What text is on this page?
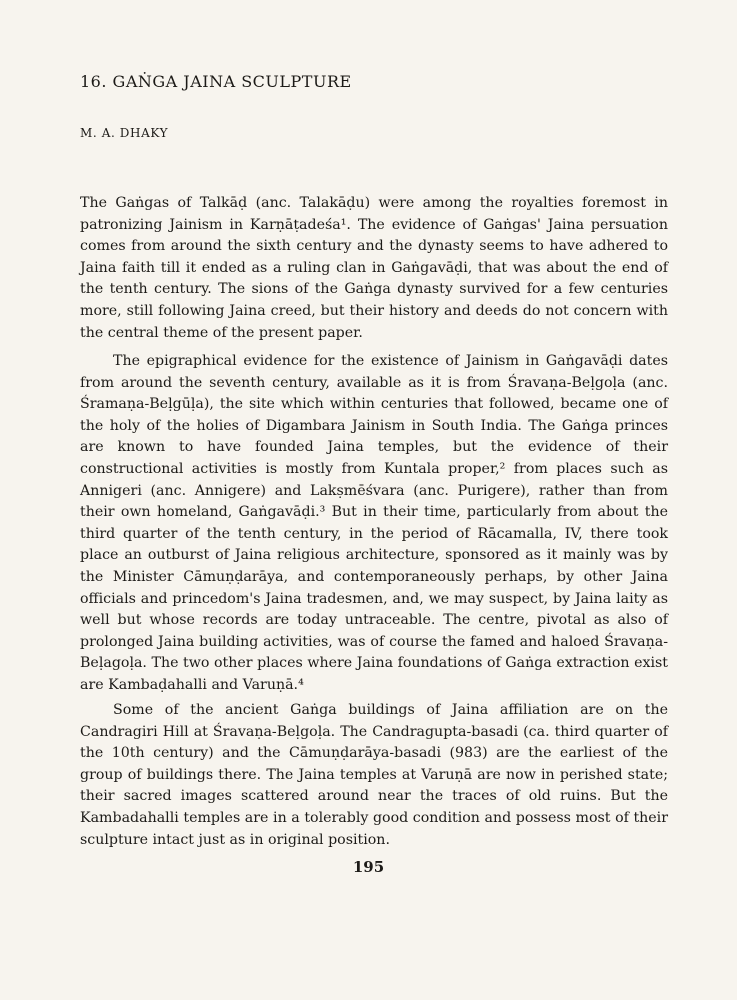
16. GAṄGA JAINA SCULPTURE

M. A. DHAKY

The Gaṅgas of Talkāḍ (anc. Talakāḍu) were among the royalties foremost in patronizing Jainism in Karṇāṭadeśa¹. The evidence of Gaṅgas' Jaina persuation comes from around the sixth century and the dynasty seems to have adhered to Jaina faith till it ended as a ruling clan in Gaṅgavāḍi, that was about the end of the tenth century. The sions of the Gaṅga dynasty survived for a few centuries more, still following Jaina creed, but their history and deeds do not concern with the central theme of the present paper.

The epigraphical evidence for the existence of Jainism in Gaṅgavāḍi dates from around the seventh century, available as it is from Śravaṇa-Beḷgoḷa (anc. Śramaṇa-Beḷgūḷa), the site which within centuries that followed, became one of the holy of the holies of Digambara Jainism in South India. The Gaṅga princes are known to have founded Jaina temples, but the evidence of their constructional activities is mostly from Kuntala proper,² from places such as Annigeri (anc. Annigere) and Lakṣmēśvara (anc. Purigere), rather than from their own homeland, Gaṅgavāḍi.³ But in their time, particularly from about the third quarter of the tenth century, in the period of Rācamalla, IV, there took place an outburst of Jaina religious architecture, sponsored as it mainly was by the Minister Cāmuṇḍarāya, and contemporaneously perhaps, by other Jaina officials and princedom's Jaina tradesmen, and, we may suspect, by Jaina laity as well but whose records are today untraceable. The centre, pivotal as also of prolonged Jaina building activities, was of course the famed and haloed Śravaṇa-Beḷagoḷa. The two other places where Jaina foundations of Gaṅga extraction exist are Kambaḍahalli and Varuṇā.⁴

Some of the ancient Gaṅga buildings of Jaina affiliation are on the Candragiri Hill at Śravaṇa-Beḷgoḷa. The Candragupta-basadi (ca. third quarter of the 10th century) and the Cāmuṇḍarāya-basadi (983) are the earliest of the group of buildings there. The Jaina temples at Varuṇā are now in perished state; their sacred images scattered around near the traces of old ruins. But the Kambadahalli temples are in a tolerably good condition and possess most of their sculpture intact just as in original position.

195
